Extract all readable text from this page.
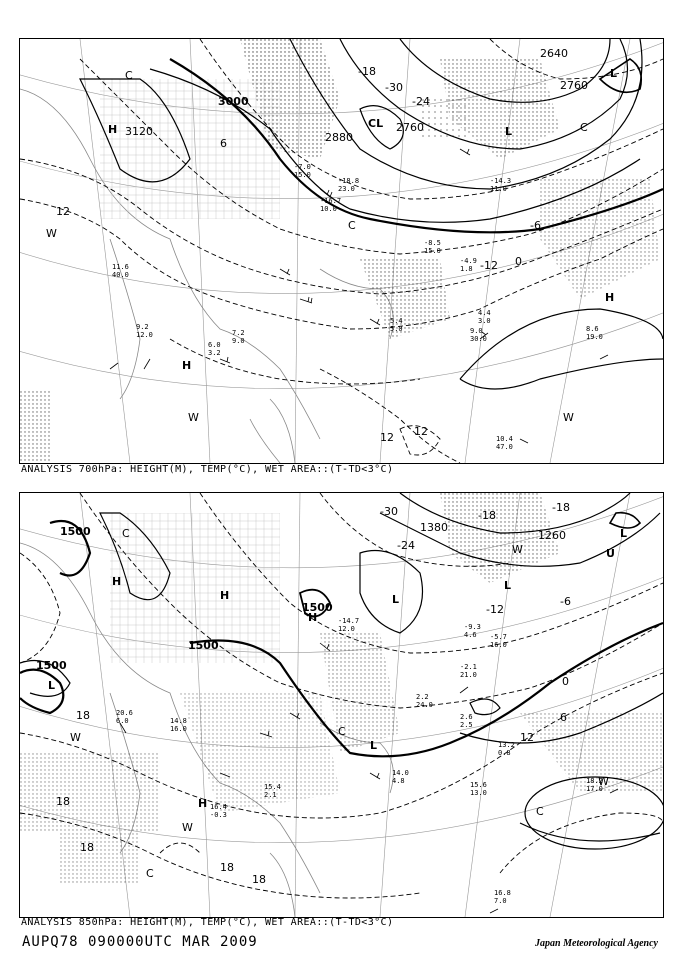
3000
3120	2880
2760
2640
2760
-30
-24
-18
-12
-6
0
6
12
12 12
H
H
L
L
H
CL
C
W
W
C
W
C
-7.0
15.0
-18.8
23.0
-16.7
10.0
-8.5
15.0
-4.9
1.8
4.4
3.0
9.0
30.0
8.6
19.0
10.4
47.0
9.2
12.0
6.0
3.2
7.2
9.0
5.4
5.0
-14.3
11.0
11.6
40.0
ANALYSIS 700hPa: HEIGHT(M), TEMP(°C), WET AREA::(T-TD<3°C)
1500
1500
1500
1500
1380
1260
-30
-24
-18
-18
-12
-6
0
6
12
18
18
18
18
18
H
H
H
L
L
L
L
H
L
U
C
W
W
C
W
W
C
C
-9.3
4.6 -5.7
16.0
-2.1
21.0
2.2
24.0
2.6
2.5
14.0
4.8	15.6
13.0
13.2
0.8
18.2
17.0
16.8
7.0
16.4
-0.3
15.4
2.1
14.8
16.0
20.6
6.0
-14.7
12.0
ANALYSIS 850hPa: HEIGHT(M), TEMP(°C), WET AREA::(T-TD<3°C)
AUPQ78 090000UTC MAR 2009	Japan Meteorological Agency
